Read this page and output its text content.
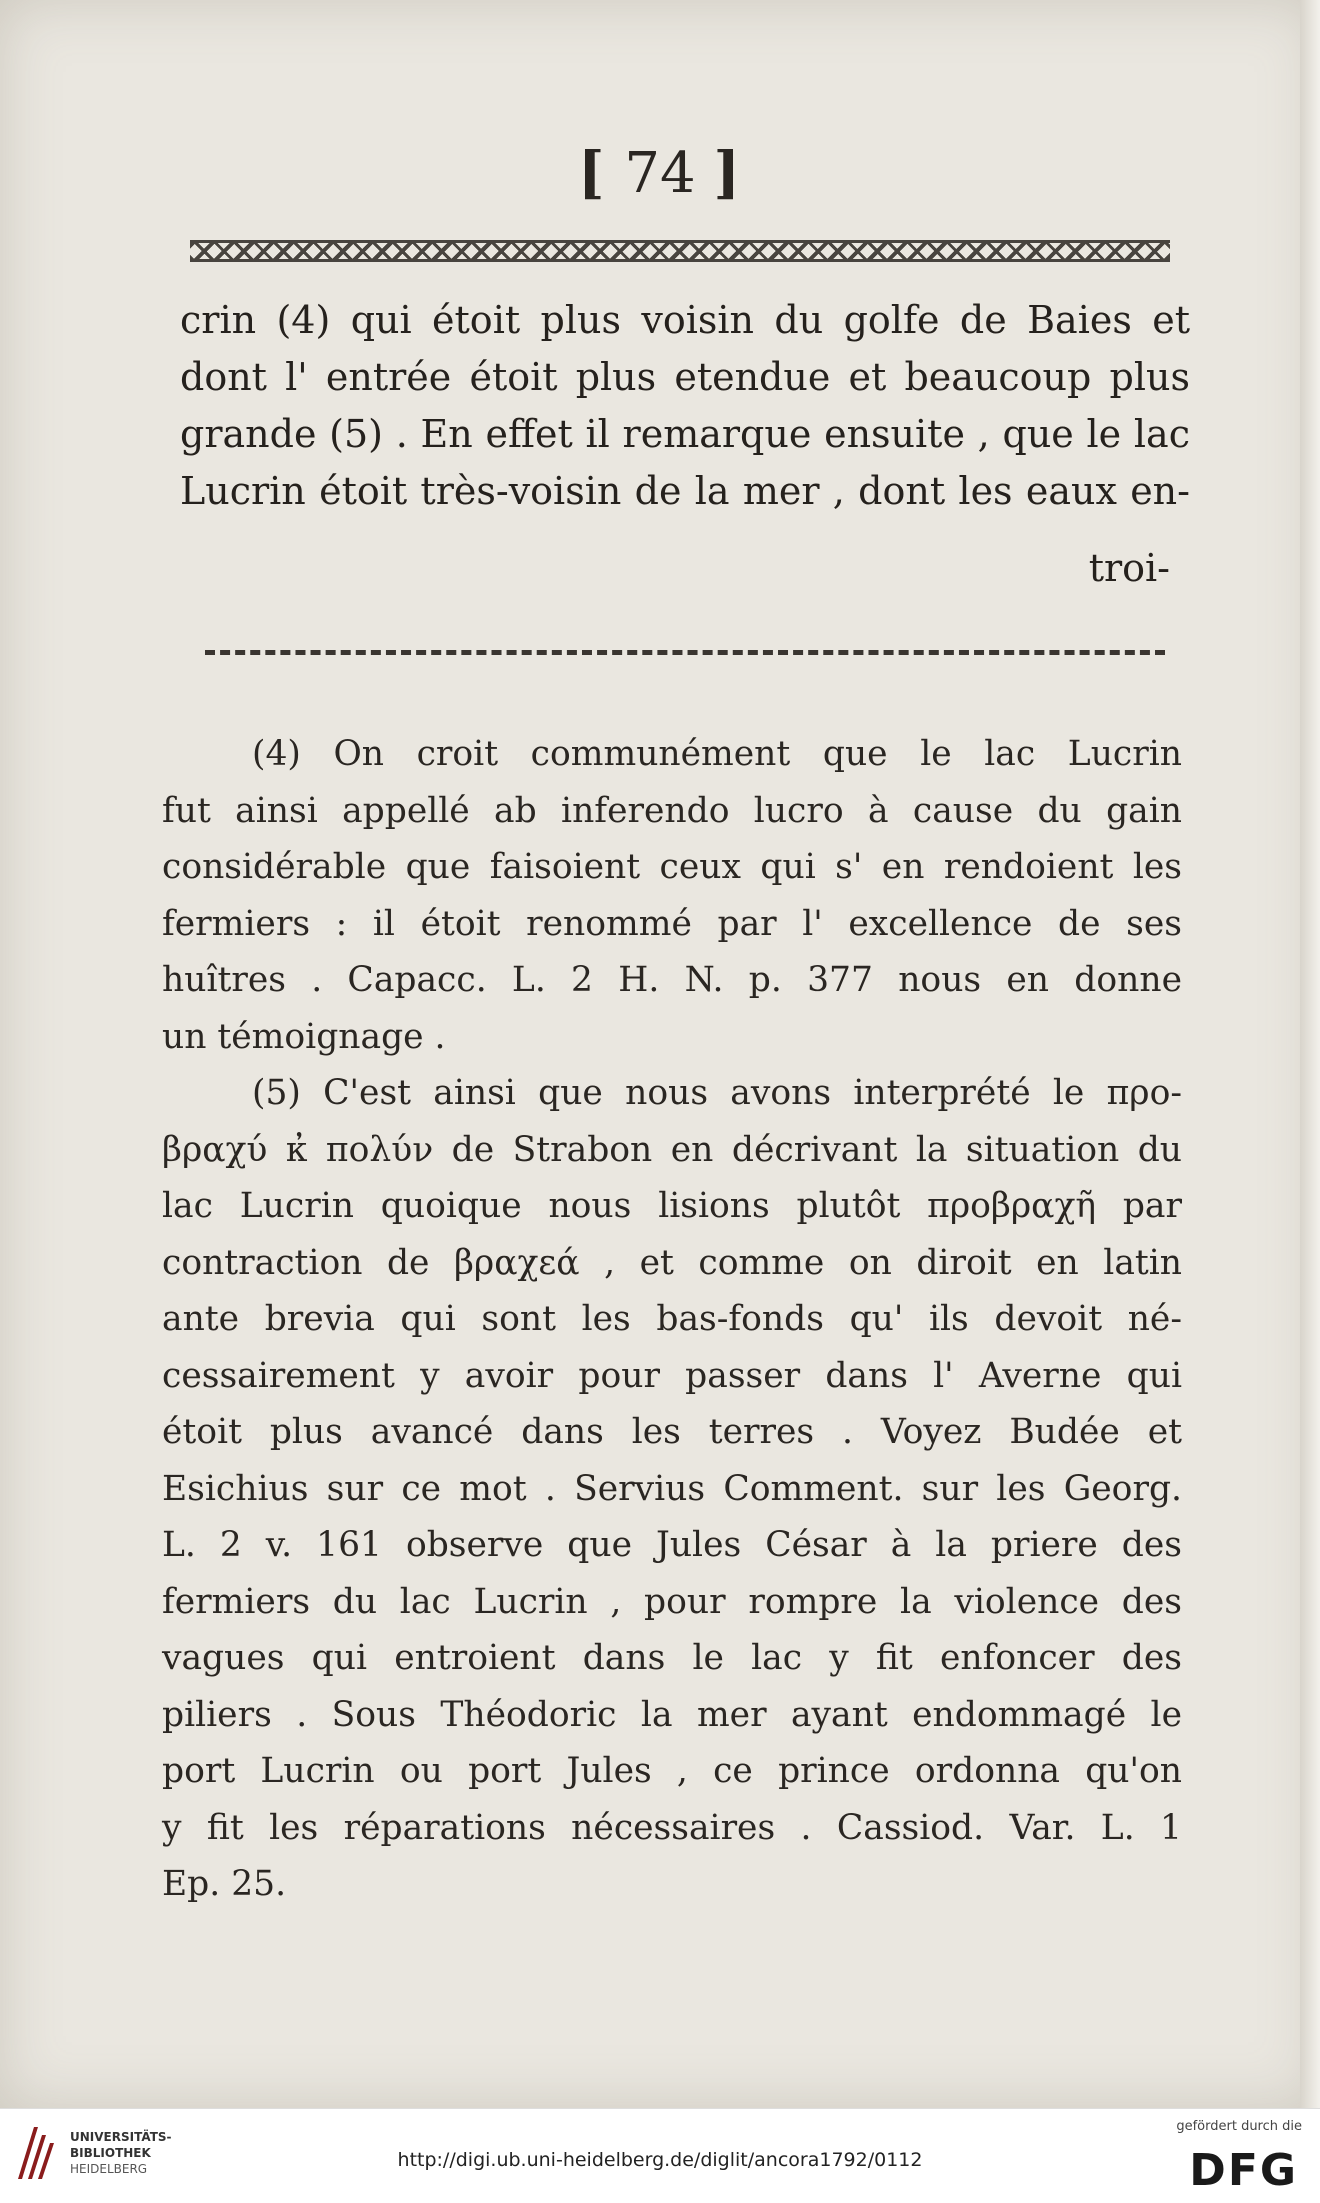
[ 74 ]
crin (4) qui étoit plus voisin du golfe de Baies et
dont l' entrée étoit plus etendue et beaucoup plus
grande (5) . En effet il remarque ensuite , que le lac
Lucrin étoit très-voisin de la mer , dont les eaux en-
troi-
(4) On croit communément que le lac Lucrin
fut ainsi appellé ab inferendo lucro à cause du gain
considérable que faisoient ceux qui s' en rendoient les
fermiers : il étoit renommé par l' excellence de ses
huîtres . Capacc. L. 2 H. N. p. 377 nous en donne
un témoignage .
(5) C'est ainsi que nous avons interprété le προ-
βραχύ κ̓ πολύν de Strabon en décrivant la situation du
lac Lucrin quoique nous lisions plutôt προβραχῆ par
contraction de βραχεά , et comme on diroit en latin
ante brevia qui sont les bas-fonds qu' ils devoit né-
cessairement y avoir pour passer dans l' Averne qui
étoit plus avancé dans les terres . Voyez Budée et
Esichius sur ce mot . Servius Comment. sur les Georg.
L. 2 v. 161 observe que Jules César à la priere des
fermiers du lac Lucrin , pour rompre la violence des
vagues qui entroient dans le lac y fit enfoncer des
piliers . Sous Théodoric la mer ayant endommagé le
port Lucrin ou port Jules , ce prince ordonna qu'on
y fit les réparations nécessaires . Cassiod. Var. L. 1
Ep. 25.
UNIVERSITÄTS-
BIBLIOTHEK
HEIDELBERG	http://digi.ub.uni-heidelberg.de/diglit/ancora1792/0112
gefördert durch die
DFG
